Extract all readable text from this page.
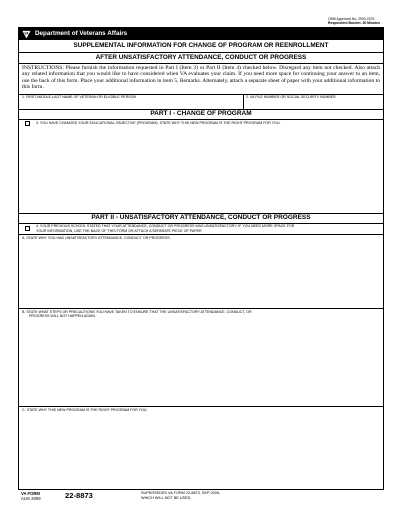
OMB Approved No. 2900-0376
Respondent Burden: 30 Minutes
VA Department of Veterans Affairs
SUPPLEMENTAL INFORMATION FOR CHANGE OF PROGRAM OR REENROLLMENT
AFTER UNSATISFACTORY ATTENDANCE, CONDUCT OR PROGRESS
INSTRUCTIONS: Please furnish the information requested in Part I (Item 3) or Part II (Item 4) checked below. Disregard any item not checked. Also attach any related information that you would like to have considered when VA evaluates your claim. If you need more space for continuing your answer to an item, use the back of this form. Place your additional information in item 5, Remarks. Alternately, attach a separate sheet of paper with your additional information to this form.
1. FIRST-MIDDLE-LAST NAME OF VETERAN OR ELIGIBLE PERSON	2. VA FILE NUMBER OR SOCIAL SECURITY NUMBER
PART I - CHANGE OF PROGRAM
3. YOU HAVE CHANGED YOUR EDUCATIONAL OBJECTIVE (PROGRAM). STATE WHY THIS NEW PROGRAM IS THE RIGHT PROGRAM FOR YOU.
PART II - UNSATISFACTORY ATTENDANCE, CONDUCT OR PROGRESS
4. YOUR PREVIOUS SCHOOL STATED THAT YOUR ATTENDANCE, CONDUCT OR PROGRESS WAS UNSATISFACTORY. IF YOU NEED MORE SPACE FOR
YOUR INFORMATION, USE THE BACK OF THIS FORM OR ATTACH A SEPARATE PIECE OF PAPER
A. STATE WHY YOU HAD UNSATISFACTORY ATTENDANCE, CONDUCT OR PROGRESS.
B. STATE WHAT STEPS OR PRECAUTIONS YOU HAVE TAKEN TO ENSURE THAT THE UNSATISFACTORY ATTENDANCE, CONDUCT, OR
PROGRESS WILL NOT HAPPEN AGAIN.
C. STATE WHY THIS NEW PROGRAM IS THE RIGHT PROGRAM FOR YOU.
VA FORM
AUG 2009	22-8873	SUPERSEDES VA FORM 22-8873, SEP 2006,
WHICH WILL NOT BE USED.
